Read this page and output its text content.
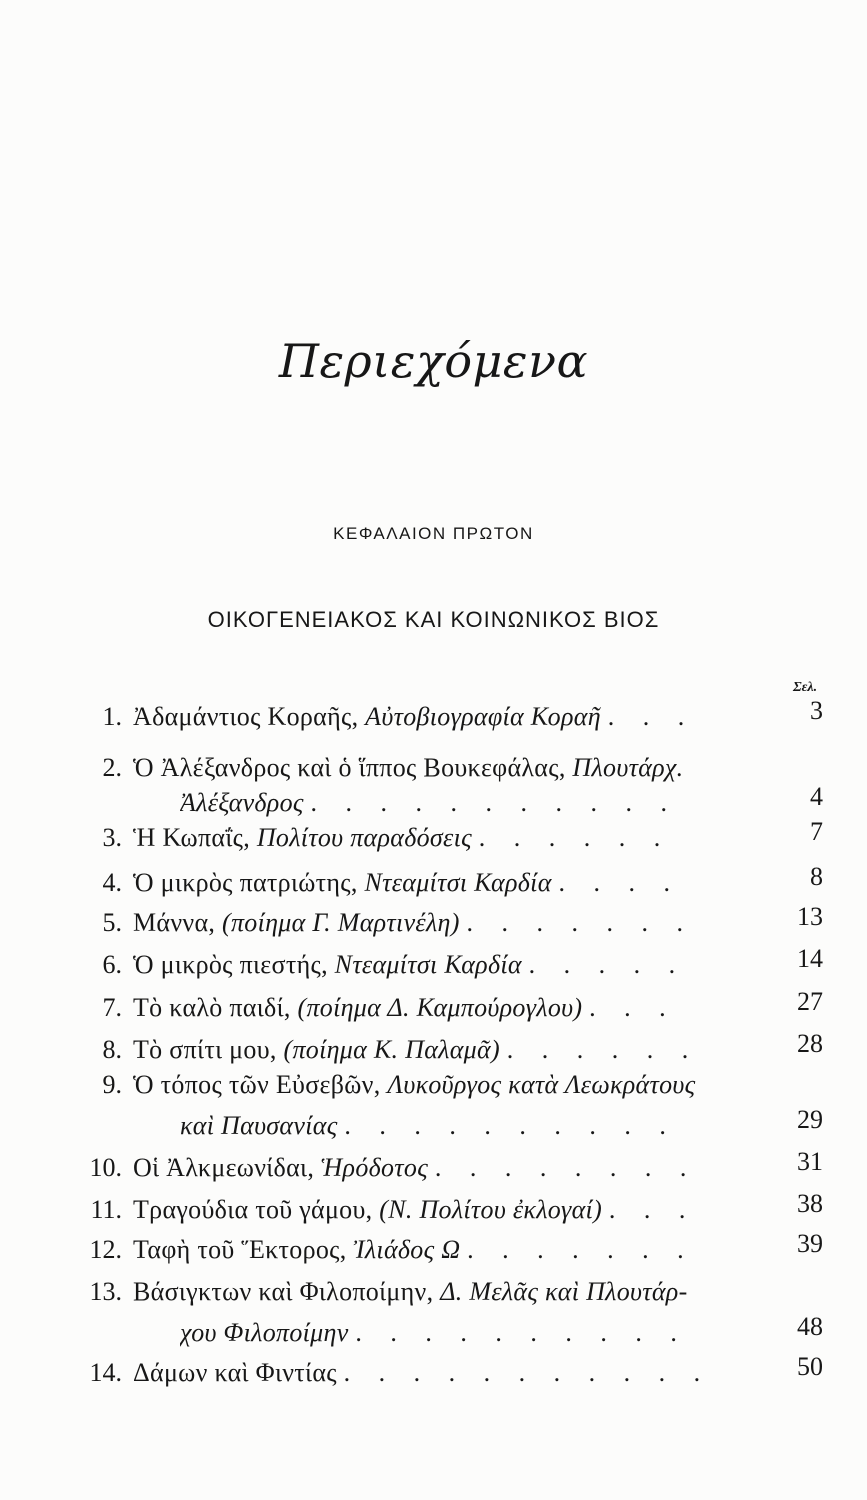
Περιεχόμενα
ΚΕΦΑΛΑΙΟΝ ΠΡΩΤΟΝ
ΟΙΚΟΓΕΝΕΙΑΚΟΣ ΚΑΙ ΚΟΙΝΩΝΙΚΟΣ ΒΙΟΣ
Σελ.
1. Ἀδαμάντιος Κοραῆς, Αὐτοβιογραφία Κοραῆ . . .	3
2. Ὁ Ἀλέξανδρος καὶ ὁ ἵππος Βουκεφάλας, Πλουτάρχ.
Ἀλέξανδρος . . . . . . . . . . .	4
3. Ἡ Κωπαΐς, Πολίτου παραδόσεις . . . . . .	7
4. Ὁ μικρὸς πατριώτης, Ντεαμίτσι Καρδία . . . .	8
5. Μάννα, (ποίημα Γ. Μαρτινέλη) . . . . . . .	13
6. Ὁ μικρὸς πιεστής, Ντεαμίτσι Καρδία . . . . .	14
7. Τὸ καλὸ παιδί, (ποίημα Δ. Καμπούρογλου) . . .	27
8. Τὸ σπίτι μου, (ποίημα Κ. Παλαμᾶ) . . . . . .	28
9. Ὁ τόπος τῶν Εὐσεβῶν, Λυκοῦργος κατὰ Λεωκράτους
καὶ Παυσανίας . . . . . . . . . .	29
10. Οἱ Ἀλκμεωνίδαι, Ἡρόδοτος . . . . . . . .	31
11. Τραγούδια τοῦ γάμου, (Ν. Πολίτου ἐκλογαί) . . .	38
12. Ταφὴ τοῦ Ἕκτορος, Ἰλιάδος Ω . . . . . . .	39
13. Βάσιγκτων καὶ Φιλοποίμην, Δ. Μελᾶς καὶ Πλουτάρ-
χου Φιλοποίμην . . . . . . . . . .	48
14. Δάμων καὶ Φιντίας . . . . . . . . . . .	50
